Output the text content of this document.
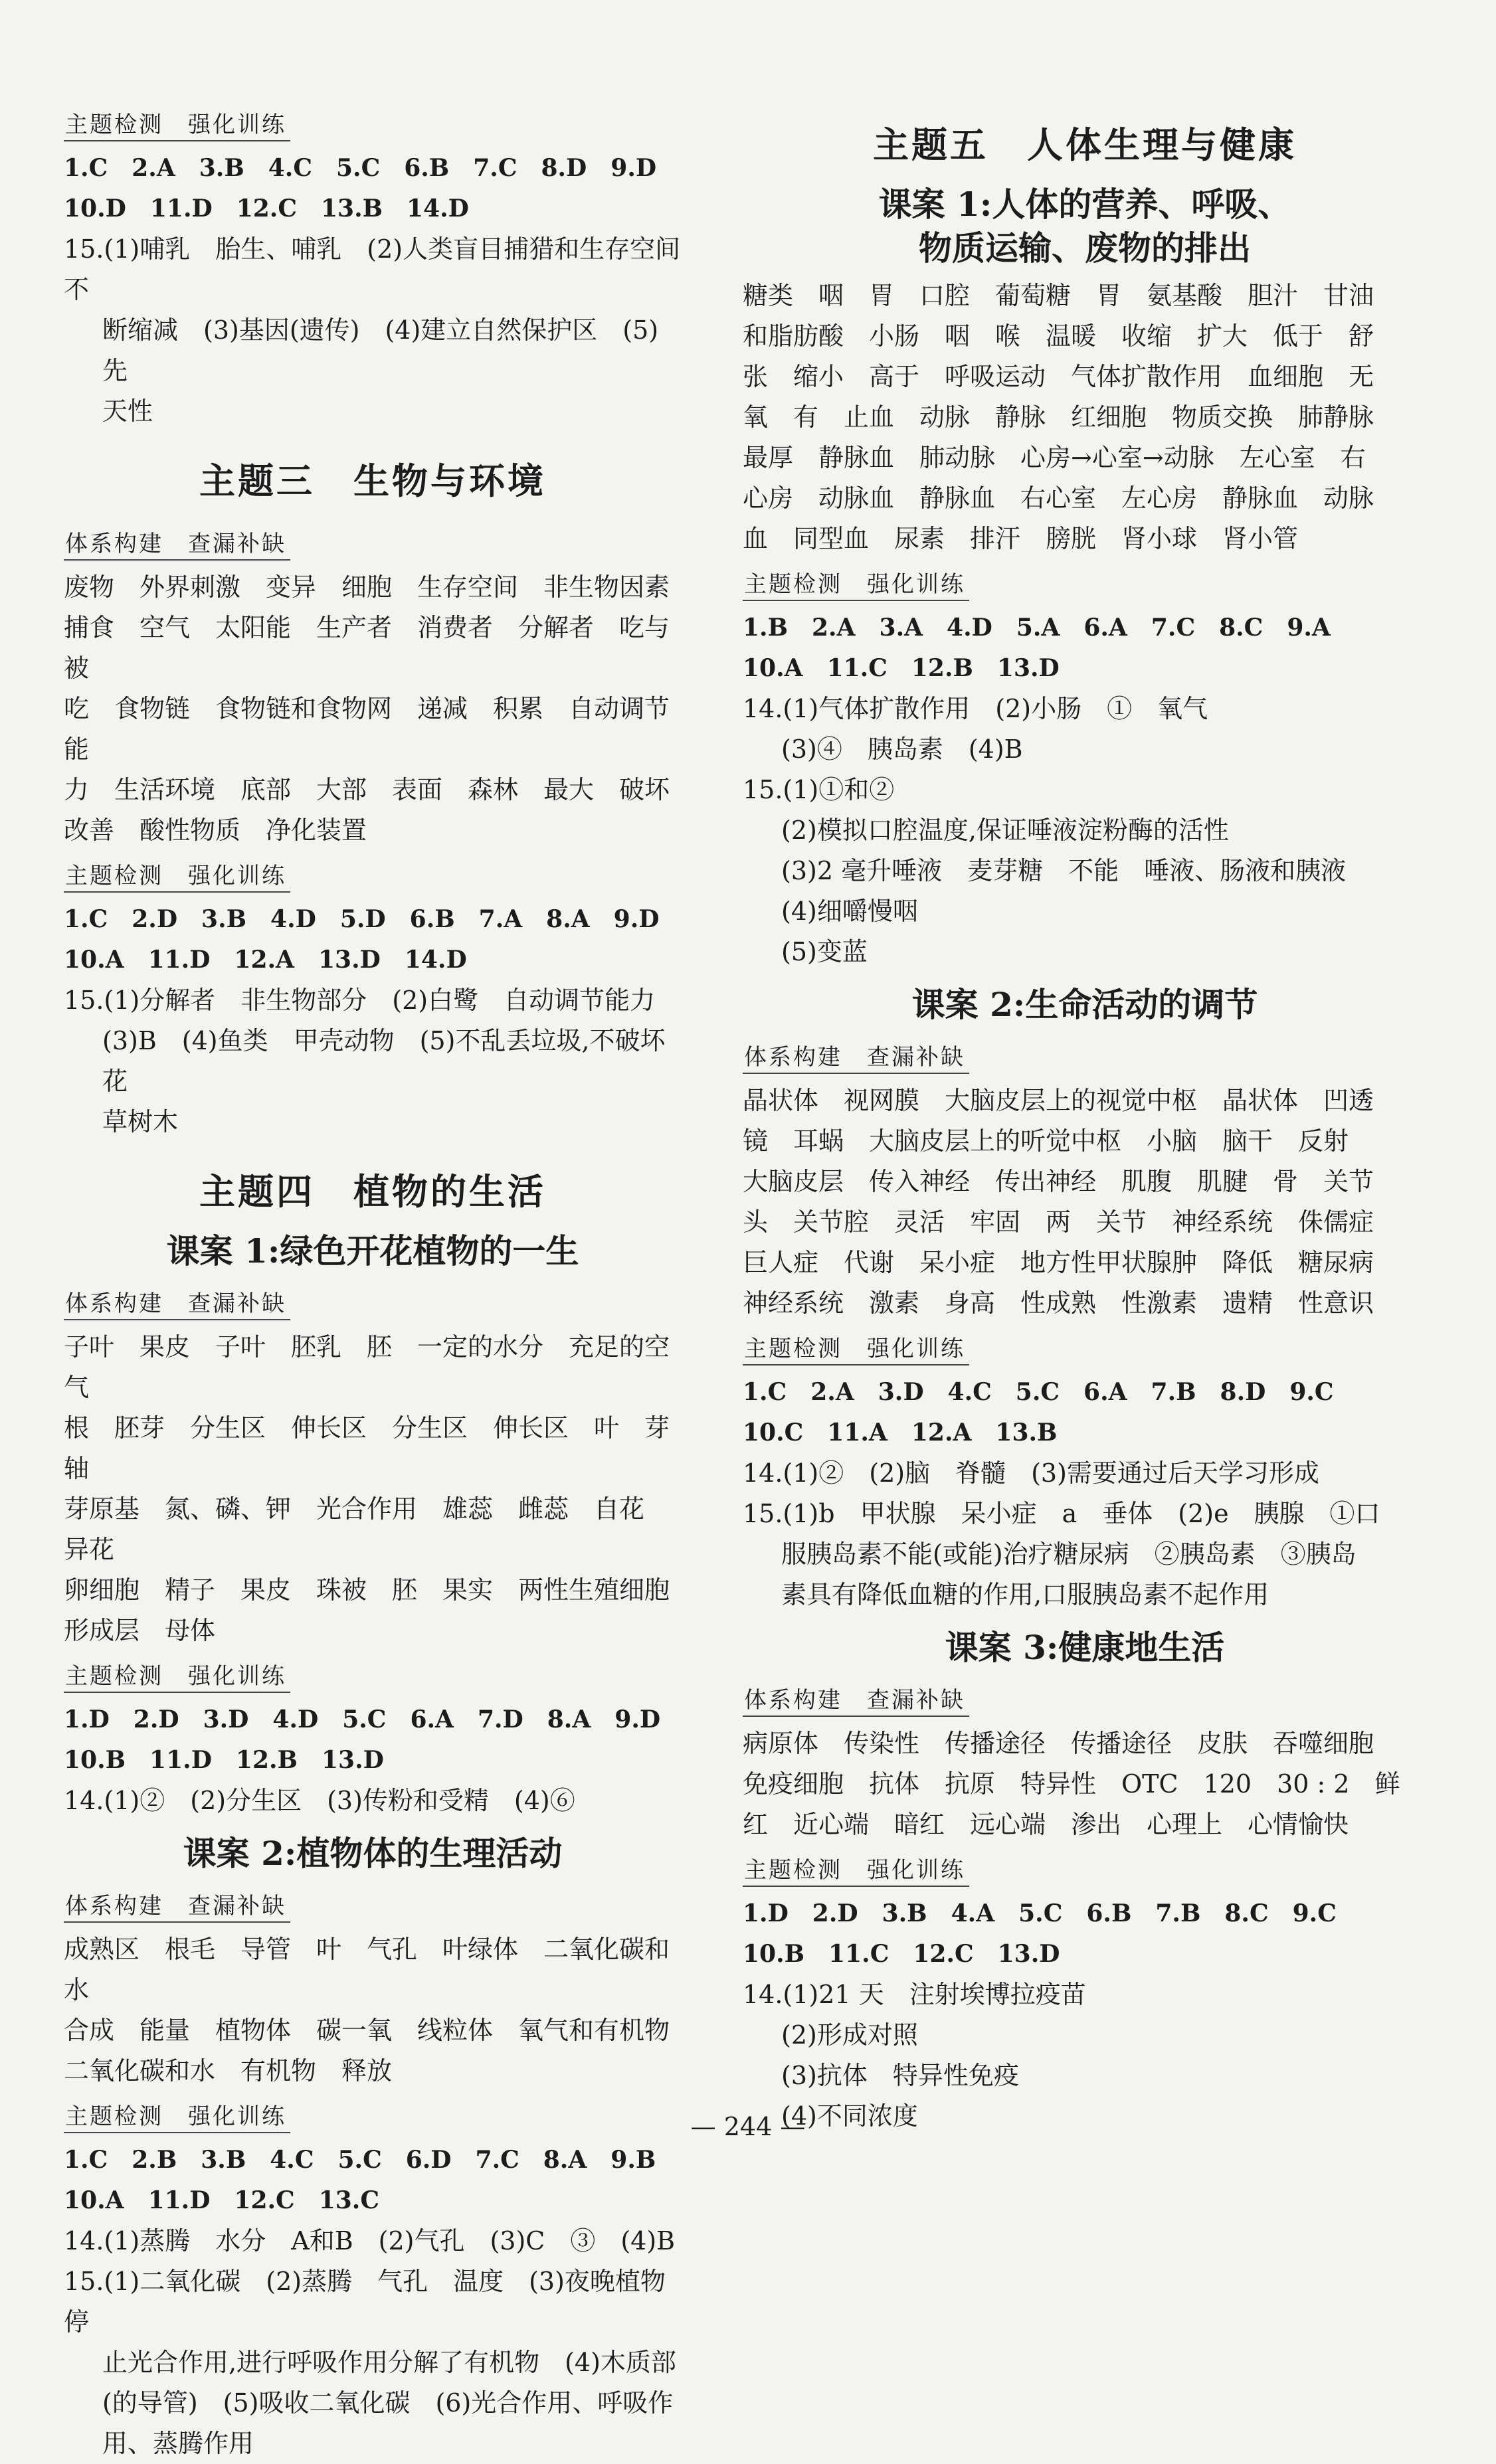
主题检测　强化训练
1.C　2.A　3.B　4.C　5.C　6.B　7.C　8.D　9.D
10.D　11.D　12.C　13.B　14.D
15.(1)哺乳　胎生、哺乳　(2)人类盲目捕猎和生存空间不
断缩减　(3)基因(遗传)　(4)建立自然保护区　(5)先
天性
主题三　生物与环境
体系构建　查漏补缺
废物　外界刺激　变异　细胞　生存空间　非生物因素
捕食　空气　太阳能　生产者　消费者　分解者　吃与被
吃　食物链　食物链和食物网　递减　积累　自动调节能
力　生活环境　底部　大部　表面　森林　最大　破坏
改善　酸性物质　净化装置
主题检测　强化训练
1.C　2.D　3.B　4.D　5.D　6.B　7.A　8.A　9.D
10.A　11.D　12.A　13.D　14.D
15.(1)分解者　非生物部分　(2)白鹭　自动调节能力
(3)B　(4)鱼类　甲壳动物　(5)不乱丢垃圾,不破坏花
草树木
主题四　植物的生活
课案 1:绿色开花植物的一生
体系构建　查漏补缺
子叶　果皮　子叶　胚乳　胚　一定的水分　充足的空气
根　胚芽　分生区　伸长区　分生区　伸长区　叶　芽轴
芽原基　氮、磷、钾　光合作用　雄蕊　雌蕊　自花　异花
卵细胞　精子　果皮　珠被　胚　果实　两性生殖细胞
形成层　母体
主题检测　强化训练
1.D　2.D　3.D　4.D　5.C　6.A　7.D　8.A　9.D
10.B　11.D　12.B　13.D
14.(1)②　(2)分生区　(3)传粉和受精　(4)⑥
课案 2:植物体的生理活动
体系构建　查漏补缺
成熟区　根毛　导管　叶　气孔　叶绿体　二氧化碳和水
合成　能量　植物体　碳一氧　线粒体　氧气和有机物
二氧化碳和水　有机物　释放
主题检测　强化训练
1.C　2.B　3.B　4.C　5.C　6.D　7.C　8.A　9.B
10.A　11.D　12.C　13.C
14.(1)蒸腾　水分　A和B　(2)气孔　(3)C　③　(4)B
15.(1)二氧化碳　(2)蒸腾　气孔　温度　(3)夜晚植物停
止光合作用,进行呼吸作用分解了有机物　(4)木质部
(的导管)　(5)吸收二氧化碳　(6)光合作用、呼吸作
用、蒸腾作用
主题五　人体生理与健康
课案 1:人体的营养、呼吸、
物质运输、废物的排出
糖类　咽　胃　口腔　葡萄糖　胃　氨基酸　胆汁　甘油
和脂肪酸　小肠　咽　喉　温暖　收缩　扩大　低于　舒
张　缩小　高于　呼吸运动　气体扩散作用　血细胞　无
氧　有　止血　动脉　静脉　红细胞　物质交换　肺静脉
最厚　静脉血　肺动脉　心房→心室→动脉　左心室　右
心房　动脉血　静脉血　右心室　左心房　静脉血　动脉
血　同型血　尿素　排汗　膀胱　肾小球　肾小管
主题检测　强化训练
1.B　2.A　3.A　4.D　5.A　6.A　7.C　8.C　9.A
10.A　11.C　12.B　13.D
14.(1)气体扩散作用　(2)小肠　①　氧气
(3)④　胰岛素　(4)B
15.(1)①和②
(2)模拟口腔温度,保证唾液淀粉酶的活性
(3)2 毫升唾液　麦芽糖　不能　唾液、肠液和胰液
(4)细嚼慢咽
(5)变蓝
课案 2:生命活动的调节
体系构建　查漏补缺
晶状体　视网膜　大脑皮层上的视觉中枢　晶状体　凹透
镜　耳蜗　大脑皮层上的听觉中枢　小脑　脑干　反射
大脑皮层　传入神经　传出神经　肌腹　肌腱　骨　关节
头　关节腔　灵活　牢固　两　关节　神经系统　侏儒症
巨人症　代谢　呆小症　地方性甲状腺肿　降低　糖尿病
神经系统　激素　身高　性成熟　性激素　遗精　性意识
主题检测　强化训练
1.C　2.A　3.D　4.C　5.C　6.A　7.B　8.D　9.C
10.C　11.A　12.A　13.B
14.(1)②　(2)脑　脊髓　(3)需要通过后天学习形成
15.(1)b　甲状腺　呆小症　a　垂体　(2)e　胰腺　①口
服胰岛素不能(或能)治疗糖尿病　②胰岛素　③胰岛
素具有降低血糖的作用,口服胰岛素不起作用
课案 3:健康地生活
体系构建　查漏补缺
病原体　传染性　传播途径　传播途径　皮肤　吞噬细胞
免疫细胞　抗体　抗原　特异性　OTC　120　30 : 2　鲜
红　近心端　暗红　远心端　渗出　心理上　心情愉快
主题检测　强化训练
1.D　2.D　3.B　4.A　5.C　6.B　7.B　8.C　9.C
10.B　11.C　12.C　13.D
14.(1)21 天　注射埃博拉疫苗
(2)形成对照
(3)抗体　特异性免疫
(4)不同浓度
— 244 —
